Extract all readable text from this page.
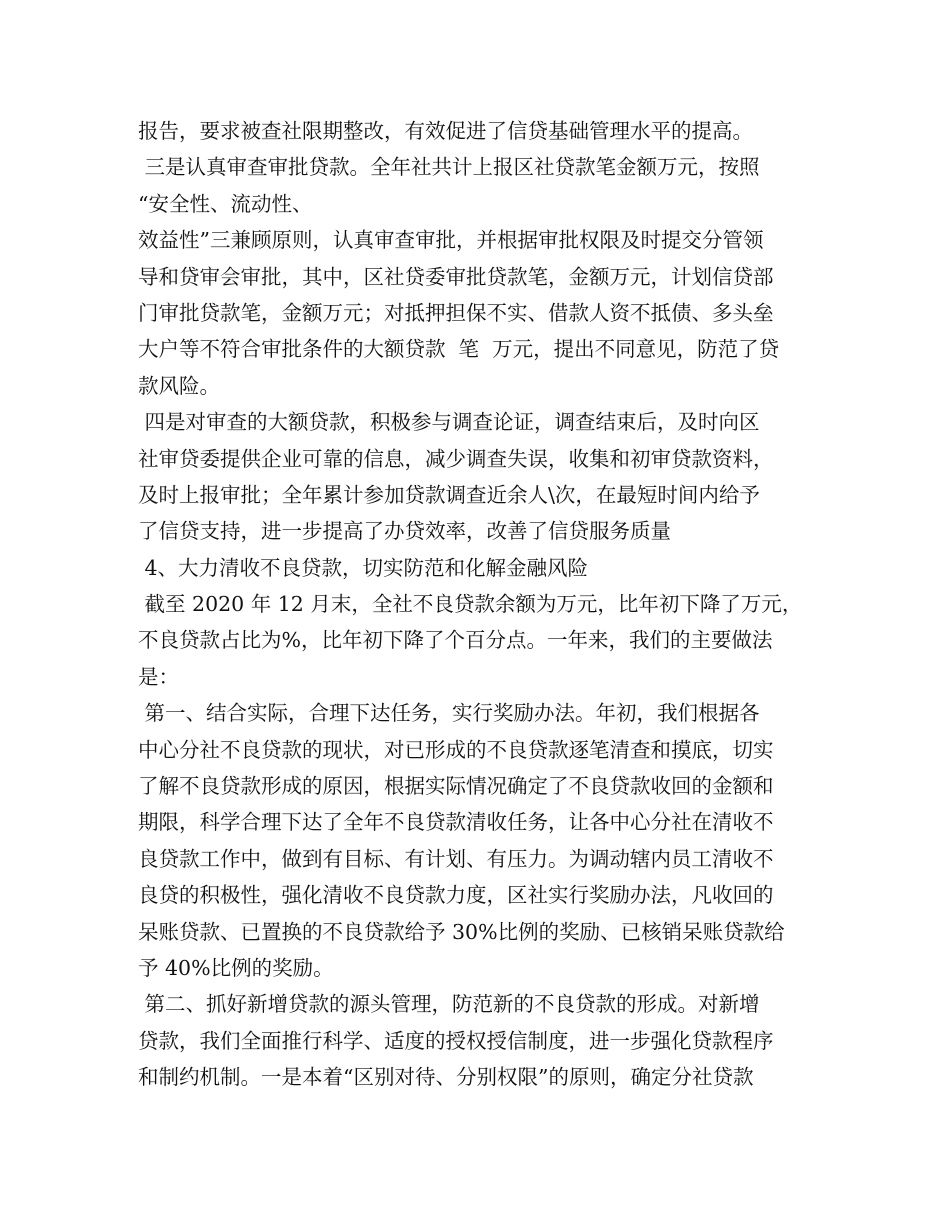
报告，要求被查社限期整改，有效促进了信贷基础管理水平的提高。
三是认真审查审批贷款。全年社共计上报区社贷款笔金额万元，按照
“安全性、流动性、
效益性”三兼顾原则，认真审查审批，并根据审批权限及时提交分管领
导和贷审会审批，其中，区社贷委审批贷款笔，金额万元，计划信贷部
门审批贷款笔，金额万元；对抵押担保不实、借款人资不抵债、多头垒
大户等不符合审批条件的大额贷款  笔  万元，提出不同意见，防范了贷
款风险。
四是对审查的大额贷款，积极参与调查论证，调查结束后，及时向区
社审贷委提供企业可靠的信息，减少调查失误，收集和初审贷款资料，
及时上报审批；全年累计参加贷款调查近余人\次，在最短时间内给予
了信贷支持，进一步提高了办贷效率，改善了信贷服务质量
4、大力清收不良贷款，切实防范和化解金融风险
截至 2020 年 12 月末，全社不良贷款余额为万元，比年初下降了万元，
不良贷款占比为%，比年初下降了个百分点。一年来，我们的主要做法
是：
第一、结合实际，合理下达任务，实行奖励办法。年初，我们根据各
中心分社不良贷款的现状，对已形成的不良贷款逐笔清查和摸底，切实
了解不良贷款形成的原因，根据实际情况确定了不良贷款收回的金额和
期限，科学合理下达了全年不良贷款清收任务，让各中心分社在清收不
良贷款工作中，做到有目标、有计划、有压力。为调动辖内员工清收不
良贷的积极性，强化清收不良贷款力度，区社实行奖励办法，凡收回的
呆账贷款、已置换的不良贷款给予 30%比例的奖励、已核销呆账贷款给
予 40%比例的奖励。
第二、抓好新增贷款的源头管理，防范新的不良贷款的形成。对新增
贷款，我们全面推行科学、适度的授权授信制度，进一步强化贷款程序
和制约机制。一是本着“区别对待、分别权限”的原则，确定分社贷款
